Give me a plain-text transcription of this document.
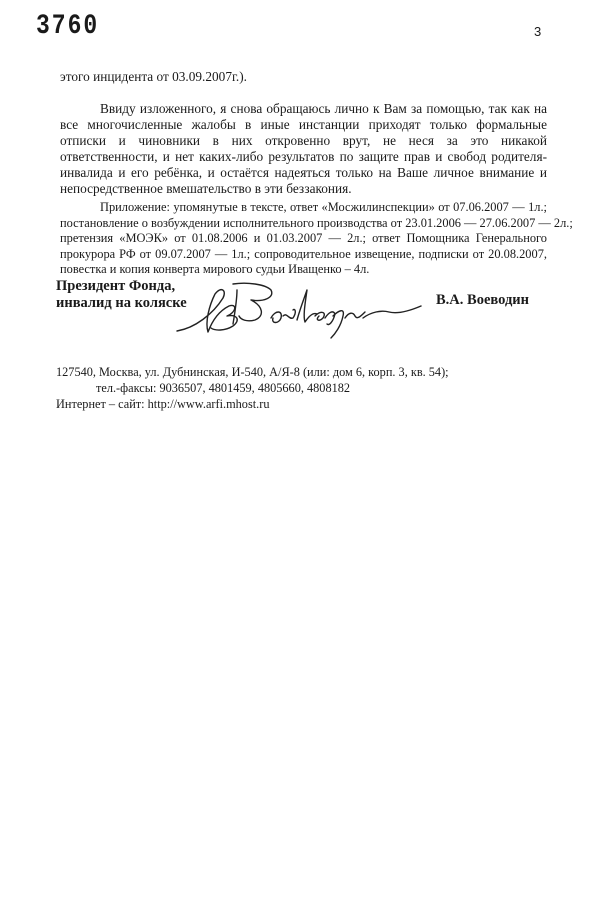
3760	3
этого инцидента от 03.09.2007г.).
Ввиду изложенного, я снова обращаюсь лично к Вам за помощью, так как на
все многочисленные жалобы в иные инстанции приходят только формальные
отписки и чиновники в них откровенно врут, не неся за это никакой
ответственности, и нет каких-либо результатов по защите прав и свобод родителя-
инвалида и его ребёнка, и остаётся надеяться только на Ваше личное внимание и
непосредственное вмешательство в эти беззакония.
Приложение: упомянутые в тексте, ответ «Мосжилинспекции» от 07.06.2007 — 1л.;
постановление о возбуждении исполнительного производства от 23.01.2006 — 27.06.2007 — 2л.;
претензия «МОЭК» от 01.08.2006 и 01.03.2007 — 2л.; ответ Помощника Генерального
прокурора РФ от 09.07.2007 — 1л.; сопроводительное извещение, подписки от 20.08.2007,
повестка и копия конверта мирового судьи Иващенко – 4л.
Президент Фонда,
инвалид на коляске	В.А. Воеводин
127540, Москва, ул. Дубнинская, И-540, А/Я-8 (или: дом 6, корп. 3, кв. 54);
тел.-факсы: 9036507, 4801459, 4805660, 4808182
Интернет – сайт: http://www.arfi.mhost.ru
